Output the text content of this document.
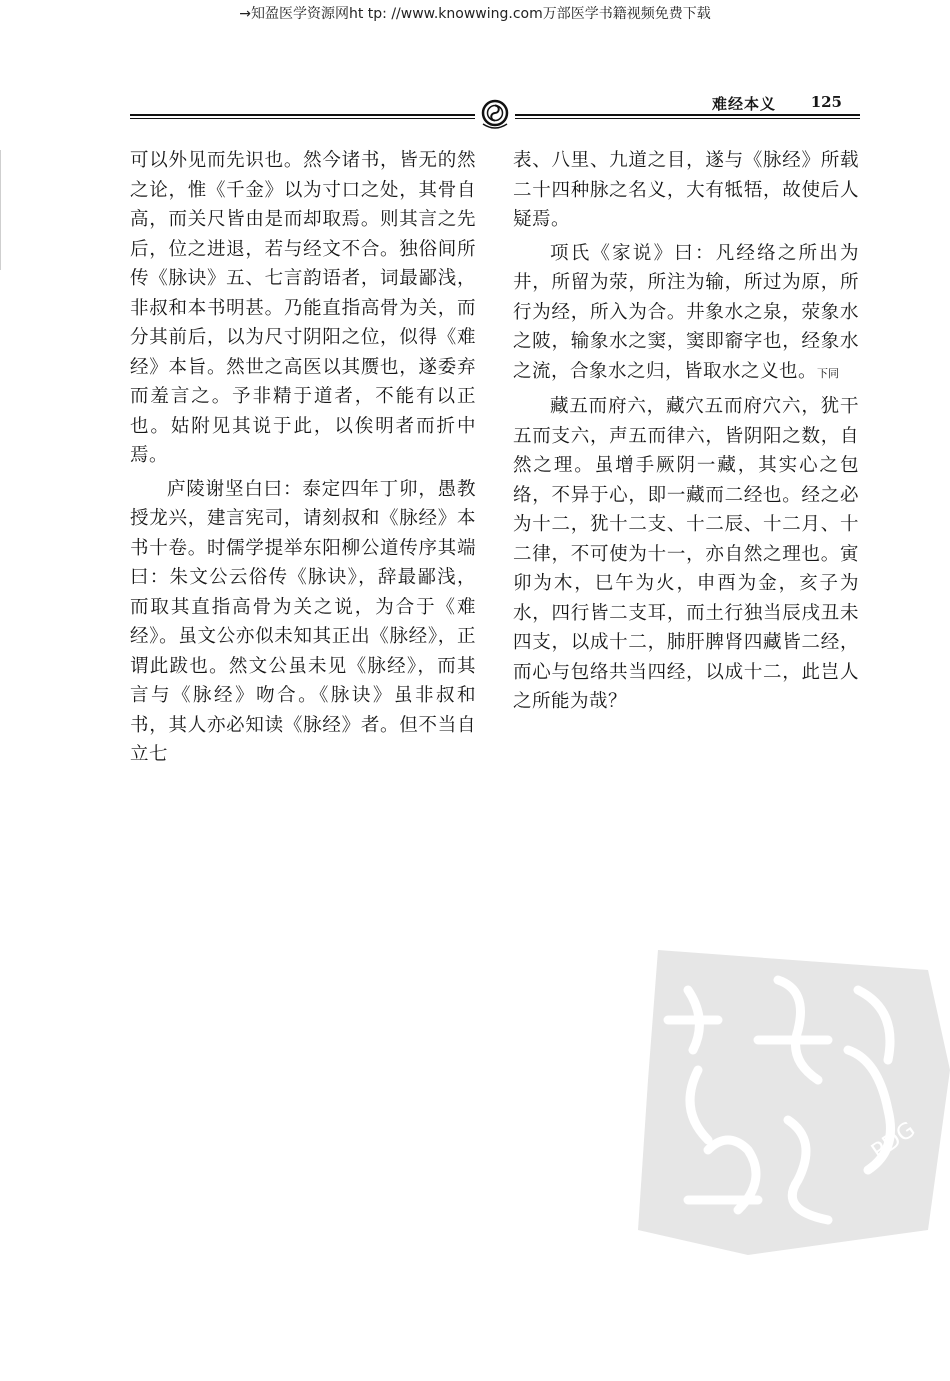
→知盈医学资源网ht tp: //www.knowwing.com万部医学书籍视频免费下载
难经本义 125

可以外见而先识也。然今诸书，皆无的然之论，惟《千金》以为寸口之处，其骨自高，而关尺皆由是而却取焉。则其言之先后，位之进退，若与经文不合。独俗间所传《脉诀》五、七言韵语者，词最鄙浅，非叔和本书明甚。乃能直指高骨为关，而分其前后，以为尺寸阴阳之位，似得《难经》本旨。然世之高医以其赝也，遂委弃而羞言之。予非精于道者，不能有以正也。姑附见其说于此，以俟明者而折中焉。

庐陵谢坚白曰：泰定四年丁卯，愚教授龙兴，建言宪司，请刻叔和《脉经》本书十卷。时儒学提举东阳柳公道传序其端曰：朱文公云俗传《脉诀》，辞最鄙浅，而取其直指高骨为关之说，为合于《难经》。虽文公亦似未知其正出《脉经》，正谓此跋也。然文公虽未见《脉经》，而其言与《脉经》吻合。《脉诀》虽非叔和书，其人亦必知读《脉经》者。但不当自立七

表、八里、九道之目，遂与《脉经》所载二十四种脉之名义，大有牴牾，故使后人疑焉。

项氏《家说》曰：凡经络之所出为井，所留为荥，所注为输，所过为原，所行为经，所入为合。井象水之泉，荥象水之陂，输象水之窦，窦即窬字也，经象水之流，合象水之归，皆取水之义也。下同

藏五而府六，藏穴五而府穴六，犹干五而支六，声五而律六，皆阴阳之数，自然之理。虽增手厥阴一藏，其实心之包络，不异于心，即一藏而二经也。经之必为十二，犹十二支、十二辰、十二月、十二律，不可使为十一，亦自然之理也。寅卯为木，巳午为火，申酉为金，亥子为水，四行皆二支耳，而土行独当辰戌丑未四支，以成十二，肺肝脾肾四藏皆二经，而心与包络共当四经，以成十二，此岂人之所能为哉？

PDG
